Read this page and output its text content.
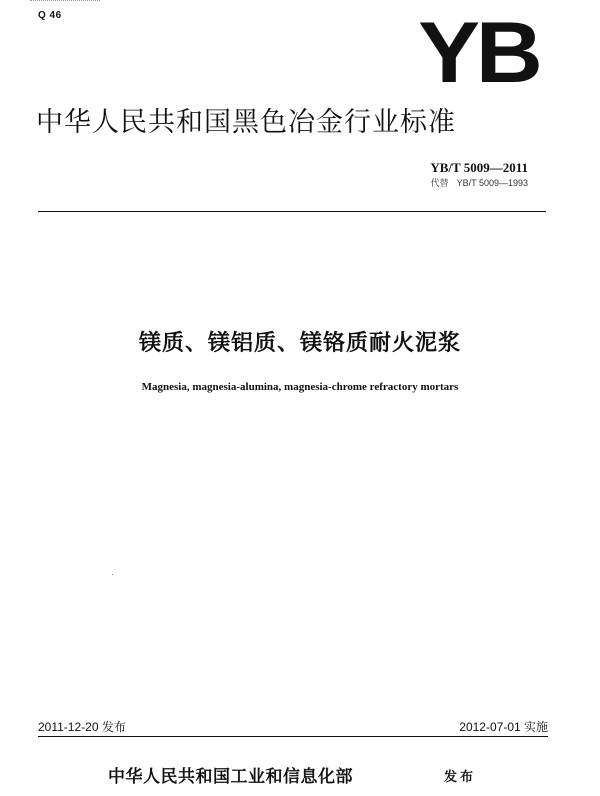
Q 46	YB
中华人民共和国黑色冶金行业标准
YB/T 5009—2011
代替 YB/T 5009—1993
镁质、镁铝质、镁铬质耐火泥浆
Magnesia, magnesia-alumina, magnesia-chrome refractory mortars
2011-12-20 发布	2012-07-01 实施
中华人民共和国工业和信息化部	发布
